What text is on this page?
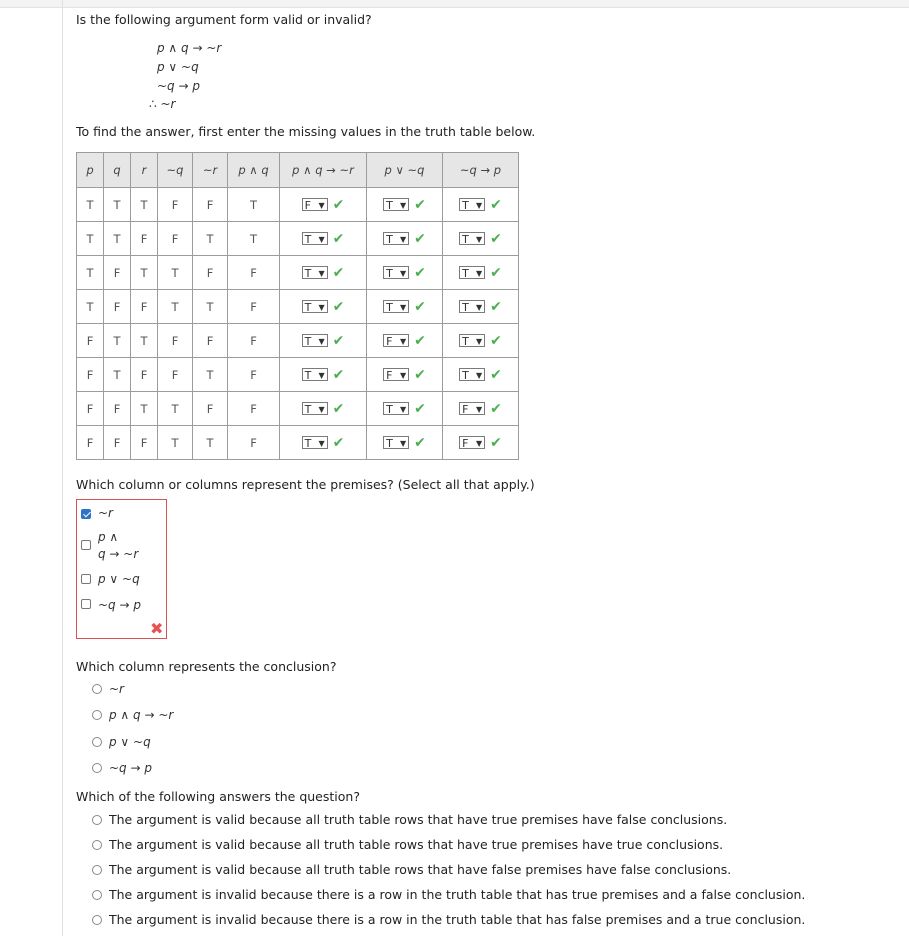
Is the following argument form valid or invalid?
p ∧ q → ~r
p ∨ ~q
~q → p
∴ ~r
To find the answer, first enter the missing values in the truth table below.
p	q	r	~q	~r	p ∧ q	p ∧ q → ~r	p ∨ ~q	~q → p
T	T	T	F	F	T	F ▼ ✔	T ▼ ✔	T ▼ ✔
T	T	F	F	T	T	T ▼ ✔	T ▼ ✔	T ▼ ✔
T	F	T	T	F	F	T ▼ ✔	T ▼ ✔	T ▼ ✔
T	F	F	T	T	F	T ▼ ✔	T ▼ ✔	T ▼ ✔
F	T	T	F	F	F	T ▼ ✔	F ▼ ✔	T ▼ ✔
F	T	F	F	T	F	T ▼ ✔	F ▼ ✔	T ▼ ✔
F	F	T	T	F	F	T ▼ ✔	T ▼ ✔	F ▼ ✔
F	F	F	T	T	F	T ▼ ✔	T ▼ ✔	F ▼ ✔
Which column or columns represent the premises? (Select all that apply.)
~r
p ∧
q → ~r
p ∨ ~q
~q → p
✖
Which column represents the conclusion?
~r
p ∧ q → ~r
p ∨ ~q
~q → p
Which of the following answers the question?
The argument is valid because all truth table rows that have true premises have false conclusions.
The argument is valid because all truth table rows that have true premises have true conclusions.
The argument is valid because all truth table rows that have false premises have false conclusions.
The argument is invalid because there is a row in the truth table that has true premises and a false conclusion.
The argument is invalid because there is a row in the truth table that has false premises and a true conclusion.
